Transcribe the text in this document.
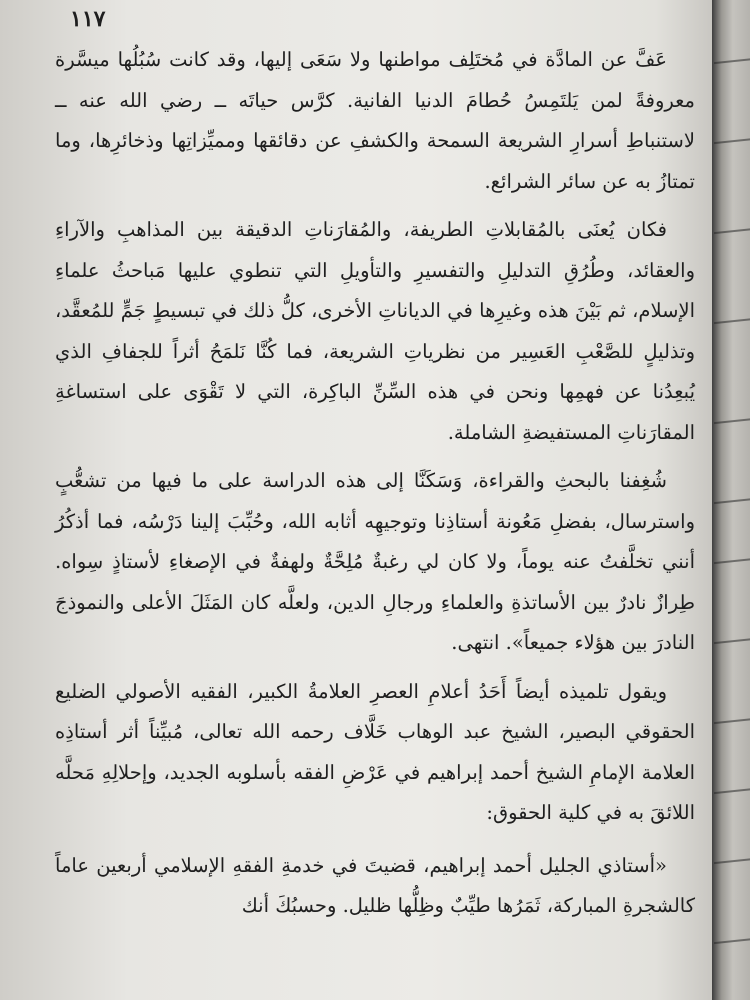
١١٧

عَفَّ عن المادَّة في مُختَلِف مواطنها ولا سَعَى إليها، وقد كانت سُبُلُها ميسَّرة معروفةً لمن يَلتَمِسُ حُطامَ الدنيا الفانية. كرَّس حياتَه ــ رضي الله عنه ــ لاستنباطِ أسرارِ الشريعة السمحة والكشفِ عن دقائقها ومميِّزاتِها وذخائرِها، وما تمتازُ به عن سائر الشرائع.

فكان يُعنَى بالمُقابلاتِ الطريفة، والمُقارَناتِ الدقيقة بين المذاهبِ والآراءِ والعقائد، وطُرُقِ التدليلِ والتفسيرِ والتأويلِ التي تنطوي عليها مَباحثُ علماءِ الإسلام، ثم بَيْنَ هذه وغيرِها في الدياناتِ الأخرى، كلُّ ذلك في تبسيطٍ جَمٍّ للمُعقَّد، وتذليلٍ للصَّعْبِ العَسِير من نظرياتِ الشريعة، فما كُنَّا نَلمَحُ أثراً للجفافِ الذي يُبعِدُنا عن فهمِها ونحن في هذه السِّنِّ الباكِرة، التي لا تَقْوَى على استساغةِ المقارَناتِ المستفيضةِ الشاملة.

شُغِفنا بالبحثِ والقراءة، وَسَكَنَّا إلى هذه الدراسة على ما فيها من تشعُّبٍ واسترسال، بفضلِ مَعُونة أستاذِنا وتوجيهِه أثابه الله، وحُبِّبَ إلينا دَرْسُه، فما أذكُرُ أنني تخلَّفتُ عنه يوماً، ولا كان لي رغبةٌ مُلِحَّةٌ ولهفةٌ في الإصغاءِ لأستاذٍ سِواه. طِرازٌ نادرٌ بين الأساتذةِ والعلماءِ ورجالِ الدين، ولعلَّه كان المَثَلَ الأعلى والنموذجَ النادرَ بين هؤلاء جميعاً». انتهى.

ويقول تلميذه أيضاً أَحَدُ أعلامِ العصرِ العلامةُ الكبير، الفقيه الأصولي الضليع الحقوقي البصير، الشيخ عبد الوهاب خَلَّاف رحمه الله تعالى، مُبيِّناً أثر أستاذِه العلامة الإمامِ الشيخ أحمد إبراهيم في عَرْضِ الفقه بأسلوبه الجديد، وإحلالِهِ مَحلَّه اللائقَ به في كلية الحقوق:

«أستاذي الجليل أحمد إبراهيم، قضيتَ في خدمةِ الفقهِ الإسلامي أربعين عاماً كالشجرةِ المباركة، ثَمَرُها طيِّبٌ وظِلُّها ظليل. وحسبُكَ أنك
